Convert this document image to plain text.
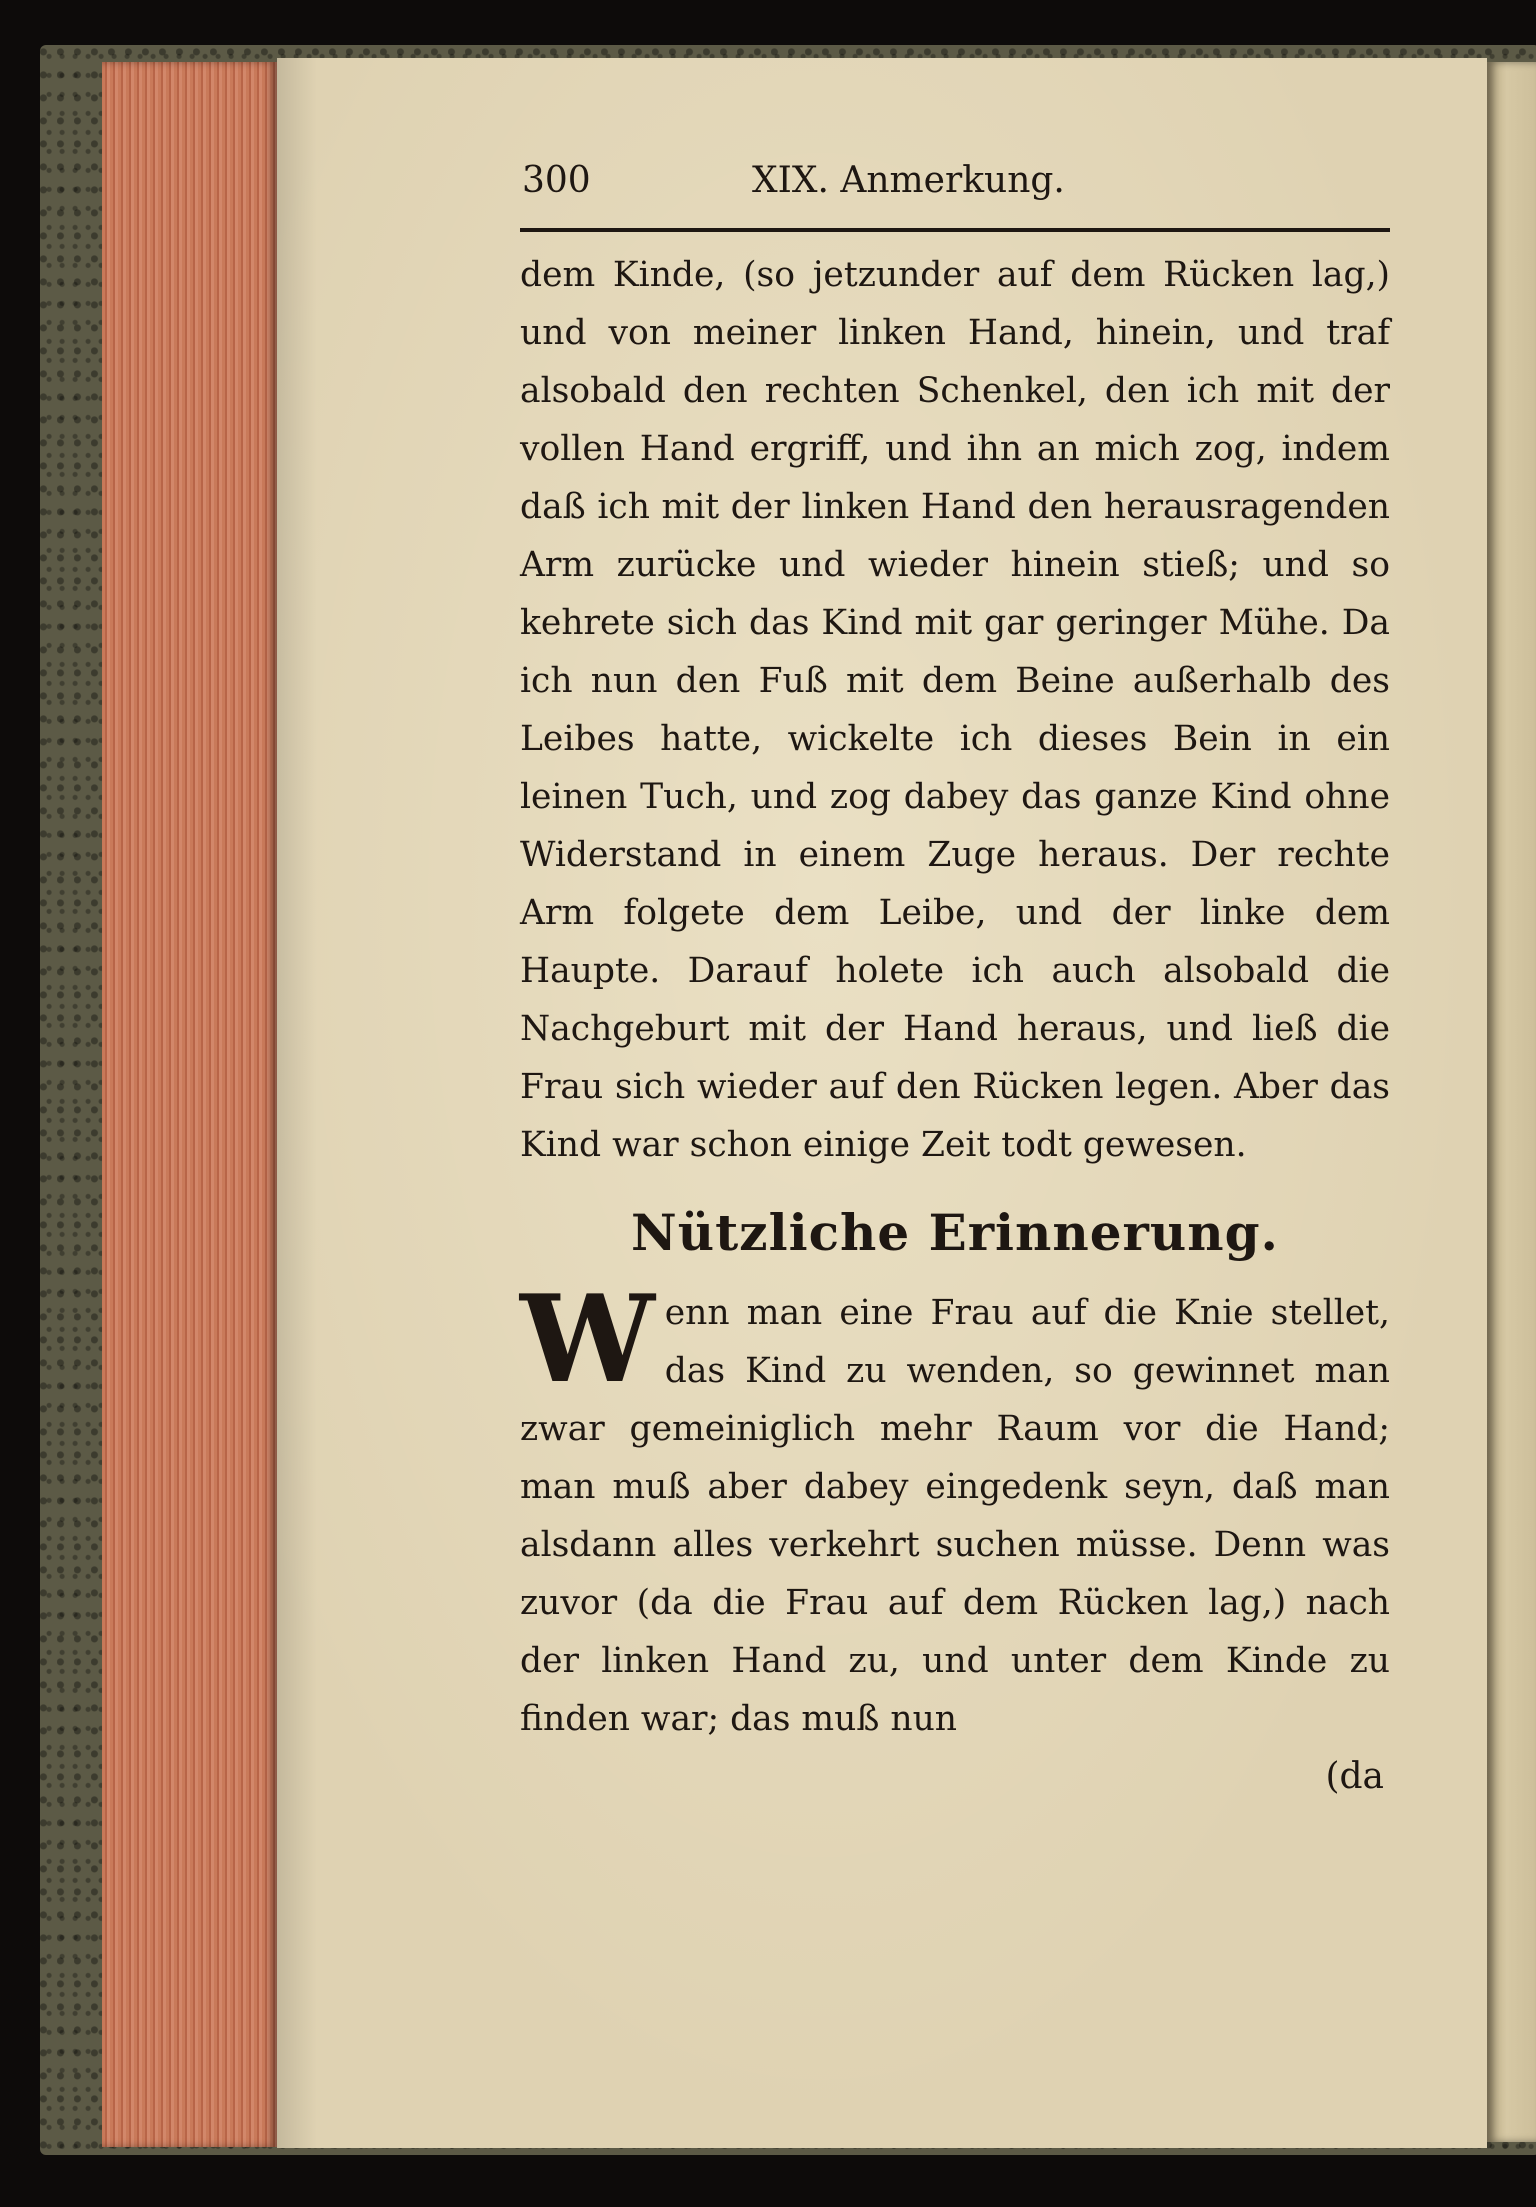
300	XIX. Anmerkung.

dem Kinde, (so jetzunder auf dem Rücken lag,) und von meiner linken Hand, hinein, und traf alsobald den rechten Schenkel, den ich mit der vollen Hand ergriff, und ihn an mich zog, indem daß ich mit der linken Hand den herausragenden Arm zurücke und wieder hinein stieß; und so kehrete sich das Kind mit gar geringer Mühe. Da ich nun den Fuß mit dem Beine außerhalb des Leibes hatte, wickelte ich dieses Bein in ein leinen Tuch, und zog dabey das ganze Kind ohne Widerstand in einem Zuge heraus. Der rechte Arm folgete dem Leibe, und der linke dem Haupte. Darauf holete ich auch alsobald die Nachgeburt mit der Hand heraus, und ließ die Frau sich wieder auf den Rücken legen. Aber das Kind war schon einige Zeit todt gewesen.

Nützliche Erinnerung.

Wenn man eine Frau auf die Knie stellet, das Kind zu wenden, so gewinnet man zwar gemeiniglich mehr Raum vor die Hand; man muß aber dabey eingedenk seyn, daß man alsdann alles verkehrt suchen müsse. Denn was zuvor (da die Frau auf dem Rücken lag,) nach der linken Hand zu, und unter dem Kinde zu finden war; das muß nun

(da
